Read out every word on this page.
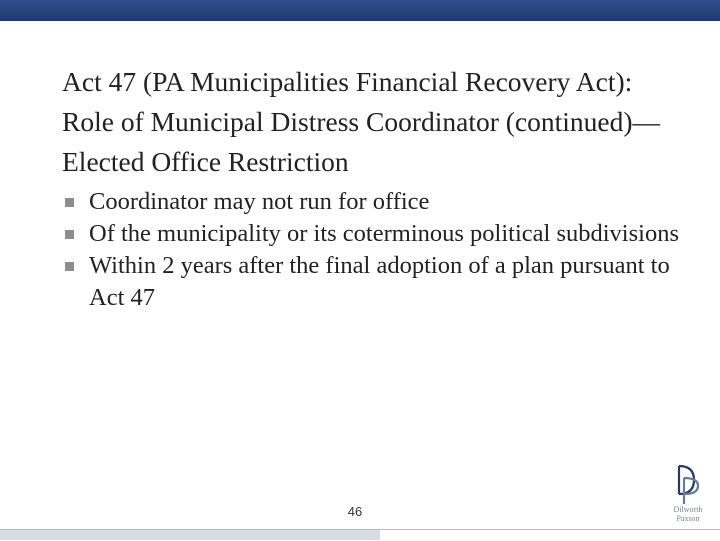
Act 47 (PA Municipalities Financial Recovery Act): Role of Municipal Distress Coordinator (continued)—Elected Office Restriction
Coordinator may not run for office
Of the municipality or its coterminous political subdivisions
Within 2 years after the final adoption of a plan pursuant to Act 47
46	Dilworth
Paxson
